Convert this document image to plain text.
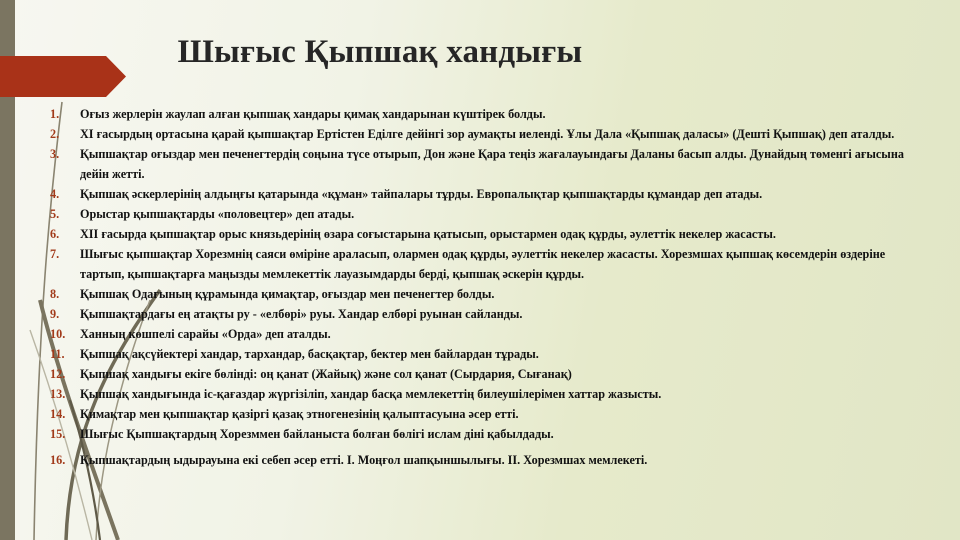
Шығыс Қыпшақ хандығы
1.	Оғыз жерлерін жаулап алған қыпшақ хандары қимақ хандарынан күштірек болды.
2.	XI ғасырдың ортасына қарай қыпшақтар Ертістен Еділге дейінгі зор аумақты иеленді. Ұлы Дала «Қыпшақ даласы» (Дешті Қыпшақ) деп аталды.
3.	Қыпшақтар оғыздар мен печенегтердің соңына түсе отырып, Дон және Қара теңіз жағалауындағы Даланы басып алды. Дунайдың төменгі ағысына дейін жетті.
4.	Қыпшақ әскерлерінің алдыңғы қатарында «құман» тайпалары тұрды. Европалықтар қыпшақтарды құмандар деп атады.
5.	Орыстар қыпшақтарды «половецтер» деп атады.
6.	XII ғасырда қыпшақтар орыс князьдерінің өзара соғыстарына қатысып, орыстармен одақ құрды, әулеттік некелер жасасты.
7.	Шығыс қыпшақтар Хорезмнің саяси өміріне араласып, олармен одақ құрды, әулеттік некелер жасасты. Хорезмшах қыпшақ көсемдерін өздеріне тартып, қыпшақтарға маңызды мемлекеттік лауазымдарды берді, қыпшақ әскерін құрды.
8.	Қыпшақ Одағының құрамында қимақтар, оғыздар мен печенегтер болды.
9.	Қыпшақтардағы ең атақты ру - «елбөрі» руы. Хандар елбөрі руынан сайланды.
10.	Ханның көшпелі сарайы «Орда» деп аталды.
11.	Қыпшақ ақсүйектері хандар, тархандар, басқақтар, бектер мен байлардан тұрады.
12.	Қыпшақ хандығы екіге бөлінді: оң қанат (Жайық) және сол қанат (Сырдария, Сығанақ)
13.	Қыпшақ хандығында іс-қағаздар жүргізіліп, хандар басқа мемлекеттің билеушілерімен хаттар жазысты.
14.	Қимақтар мен қыпшақтар қазіргі қазақ этногенезінің қалыптасуына әсер етті.
15.	Шығыс Қыпшақтардың Хорезммен байланыста болған бөлігі ислам діні қабылдады.
16.	Қыпшақтардың ыдырауына екі себеп әсер етті. I. Моңғол шапқыншылығы. II. Хорезмшах мемлекеті.
